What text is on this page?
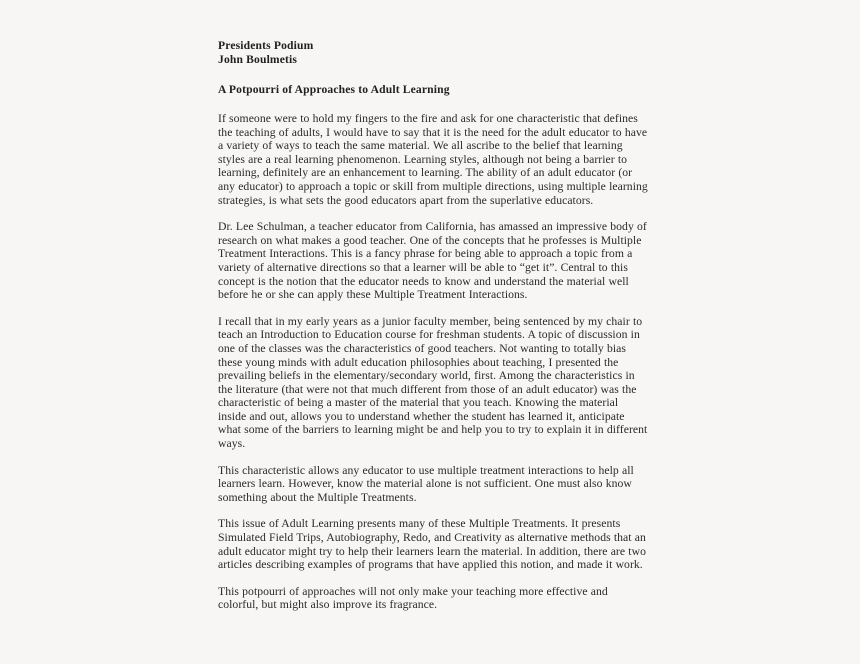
Presidents Podium
John Boulmetis
A Potpourri of Approaches to Adult Learning

If someone were to hold my fingers to the fire and ask for one characteristic that defines the teaching of adults, I would have to say that it is the need for the adult educator to have a variety of ways to teach the same material. We all ascribe to the belief that learning styles are a real learning phenomenon. Learning styles, although not being a barrier to learning, definitely are an enhancement to learning. The ability of an adult educator (or any educator) to approach a topic or skill from multiple directions, using multiple learning strategies, is what sets the good educators apart from the superlative educators.

Dr. Lee Schulman, a teacher educator from California, has amassed an impressive body of research on what makes a good teacher. One of the concepts that he professes is Multiple Treatment Interactions. This is a fancy phrase for being able to approach a topic from a variety of alternative directions so that a learner will be able to “get it”. Central to this concept is the notion that the educator needs to know and understand the material well before he or she can apply these Multiple Treatment Interactions.

I recall that in my early years as a junior faculty member, being sentenced by my chair to teach an Introduction to Education course for freshman students. A topic of discussion in one of the classes was the characteristics of good teachers. Not wanting to totally bias these young minds with adult education philosophies about teaching, I presented the prevailing beliefs in the elementary/secondary world, first. Among the characteristics in the literature (that were not that much different from those of an adult educator) was the characteristic of being a master of the material that you teach. Knowing the material inside and out, allows you to understand whether the student has learned it, anticipate what some of the barriers to learning might be and help you to try to explain it in different ways.

This characteristic allows any educator to use multiple treatment interactions to help all learners learn. However, know the material alone is not sufficient. One must also know something about the Multiple Treatments.

This issue of Adult Learning presents many of these Multiple Treatments. It presents Simulated Field Trips, Autobiography, Redo, and Creativity as alternative methods that an adult educator might try to help their learners learn the material. In addition, there are two articles describing examples of programs that have applied this notion, and made it work.

This potpourri of approaches will not only make your teaching more effective and colorful, but might also improve its fragrance.
